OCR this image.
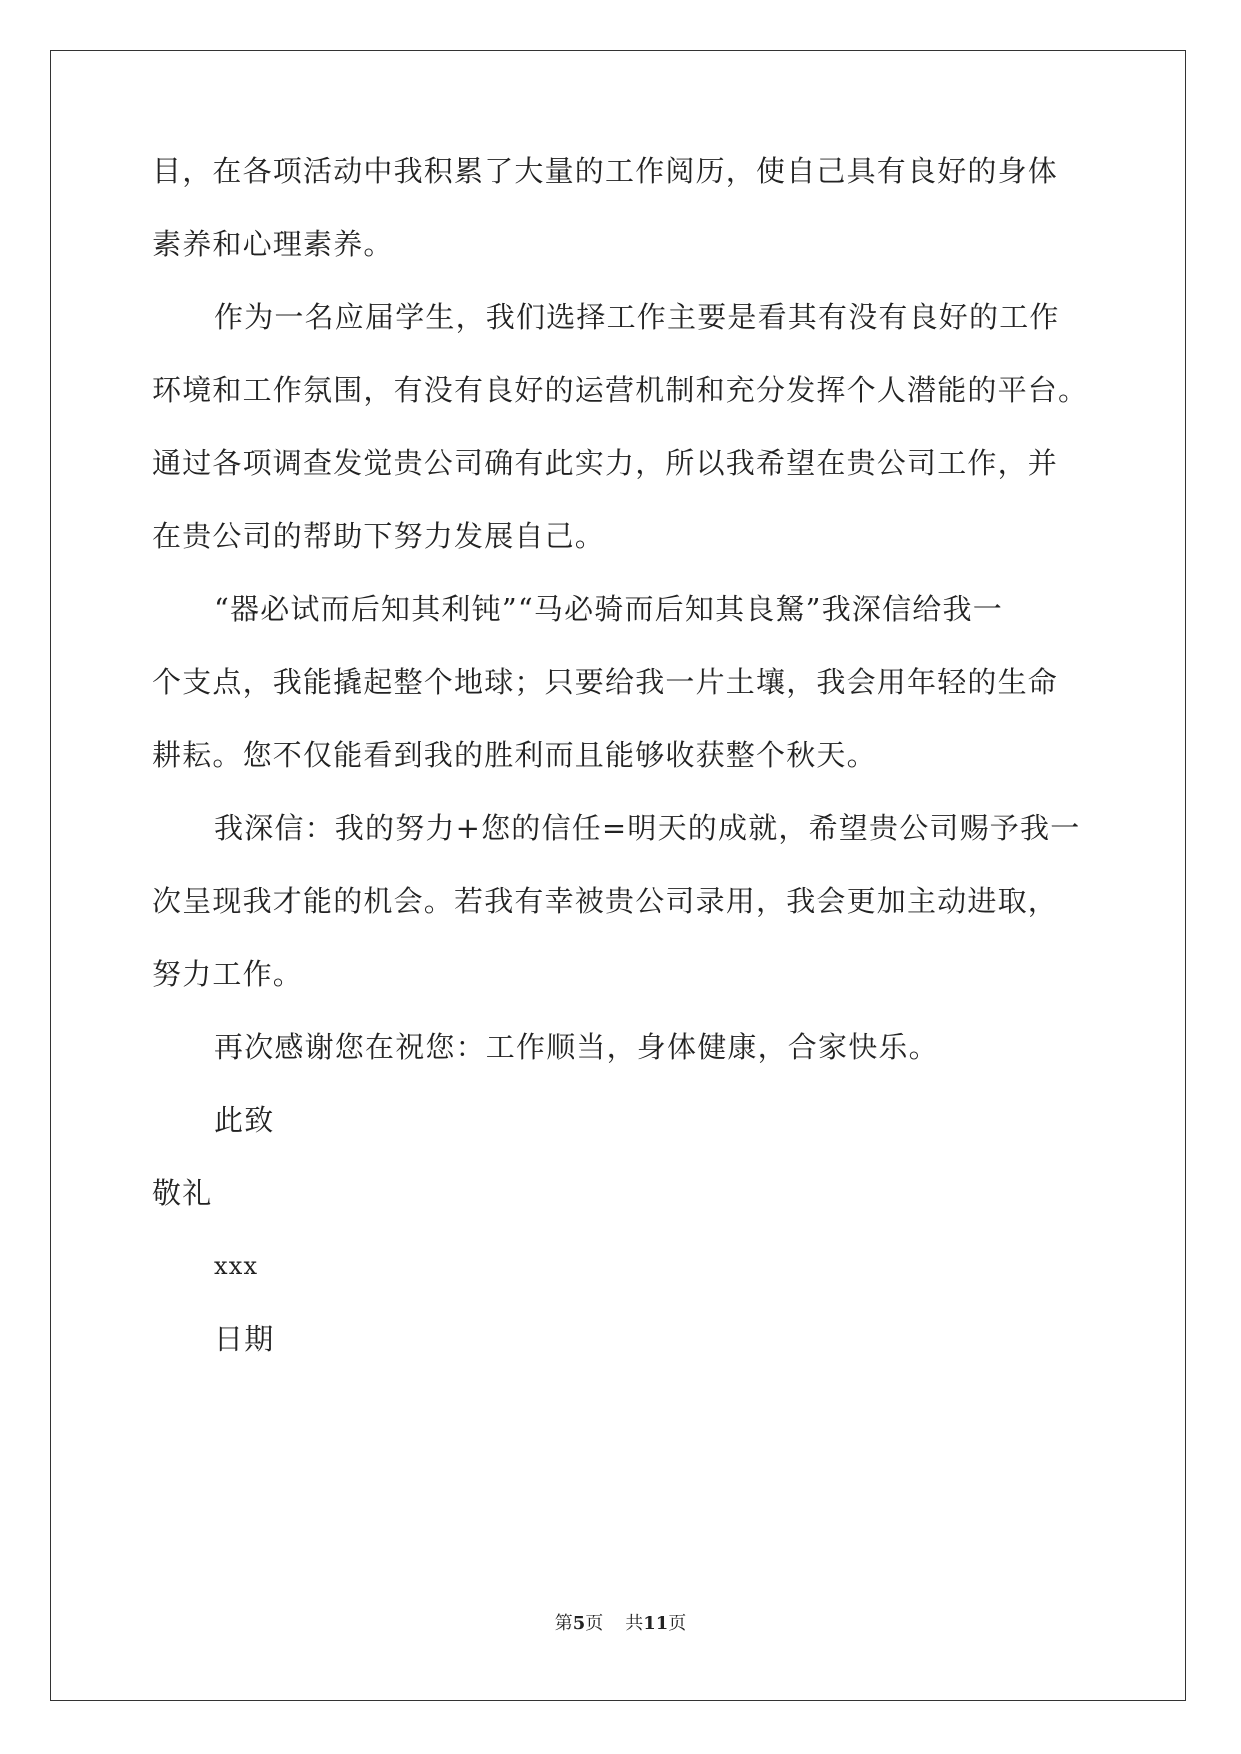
目，在各项活动中我积累了大量的工作阅历，使自己具有良好的身体
素养和心理素养。
作为一名应届学生，我们选择工作主要是看其有没有良好的工作
环境和工作氛围，有没有良好的运营机制和充分发挥个人潜能的平台。
通过各项调查发觉贵公司确有此实力，所以我希望在贵公司工作，并
在贵公司的帮助下努力发展自己。
“器必试而后知其利钝”“马必骑而后知其良駑”我深信给我一
个支点，我能撬起整个地球；只要给我一片土壤，我会用年轻的生命
耕耘。您不仅能看到我的胜利而且能够收获整个秋天。
我深信：我的努力+您的信任=明天的成就，希望贵公司赐予我一
次呈现我才能的机会。若我有幸被贵公司录用，我会更加主动进取，
努力工作。
再次感谢您在祝您：工作顺当，身体健康，合家快乐。
此致
敬礼
xxx
日期
第5页 共11页
